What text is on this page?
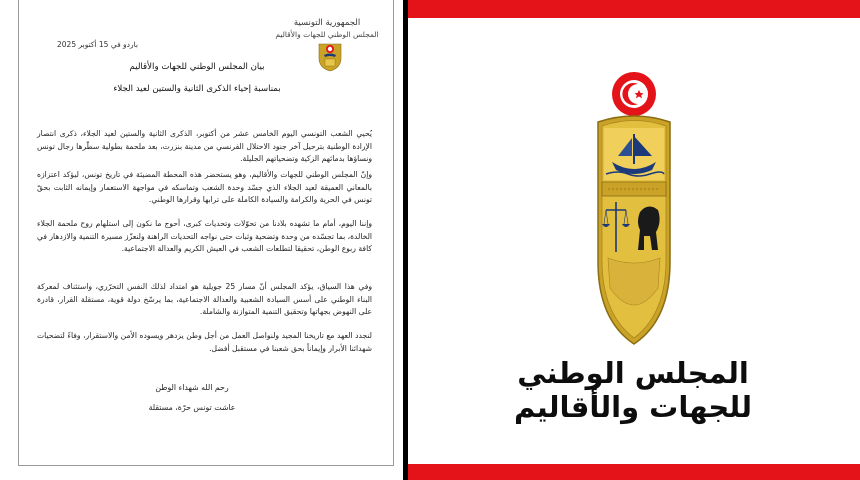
الجمهورية التونسية
المجلس الوطني للجهات والأقاليم
باردو في 15 أكتوبر 2025
بيان المجلس الوطني للجهات والأقاليم
بمناسبة إحياء الذكرى الثانية والستين لعيد الجلاء
يُحيي الشعب التونسي اليوم الخامس عشر من أكتوبر، الذكرى الثانية والستين لعيد الجلاء، ذكرى انتصار الإرادة الوطنية بترحيل آخر جنود الاحتلال الفرنسي من مدينة بنزرت، بعد ملحمة بطولية سطّرها رجال تونس ونساؤها بدمائهم الزكية وتضحياتهم الجليلة.
وإنّ المجلس الوطني للجهات والأقاليم، وهو يستحضر هذه المحطة المضيئة في تاريخ تونس، ليؤكد اعتزازه بالمعاني العميقة لعيد الجلاء الذي جسّد وحدة الشعب وتماسكه في مواجهة الاستعمار وإيمانه الثابت بحقّ تونس في الحرية والكرامة والسيادة الكاملة على ترابها وقرارها الوطني.
وإننا اليوم، أمام ما تشهده بلادنا من تحوّلات وتحديات كبرى، أحوج ما نكون إلى استلهام روح ملحمة الجلاء الخالدة، بما تجسّده من وحدة وتضحية وثبات حتى نواجه التحديات الراهنة ولنعزّز مسيرة التنمية والازدهار في كافة ربوع الوطن، تحقيقا لتطلعات الشعب في العيش الكريم والعدالة الاجتماعية.
وفي هذا السياق، يؤكد المجلس أنّ مسار 25 جويلية هو امتداد لذلك النفس التحرّري، واستئناف لمعركة البناء الوطني على أسس السيادة الشعبية والعدالة الاجتماعية، بما يرسّخ دولة قوية، مستقلة القرار، قادرة على النهوض بجهاتها وتحقيق التنمية المتوازنة والشاملة.
لنجدد العهد مع تاريخنا المجيد ولنواصل العمل من أجل وطن يزدهر ويسوده الأمن والاستقرار، وفاءً لتضحيات شهدائنا الأبرار وإيماناً بحق شعبنا في مستقبل أفضل.
رحم الله شهداء الوطن
عاشت تونس حرّة، مستقلة
المجلس الوطني للجهات والأقاليم
